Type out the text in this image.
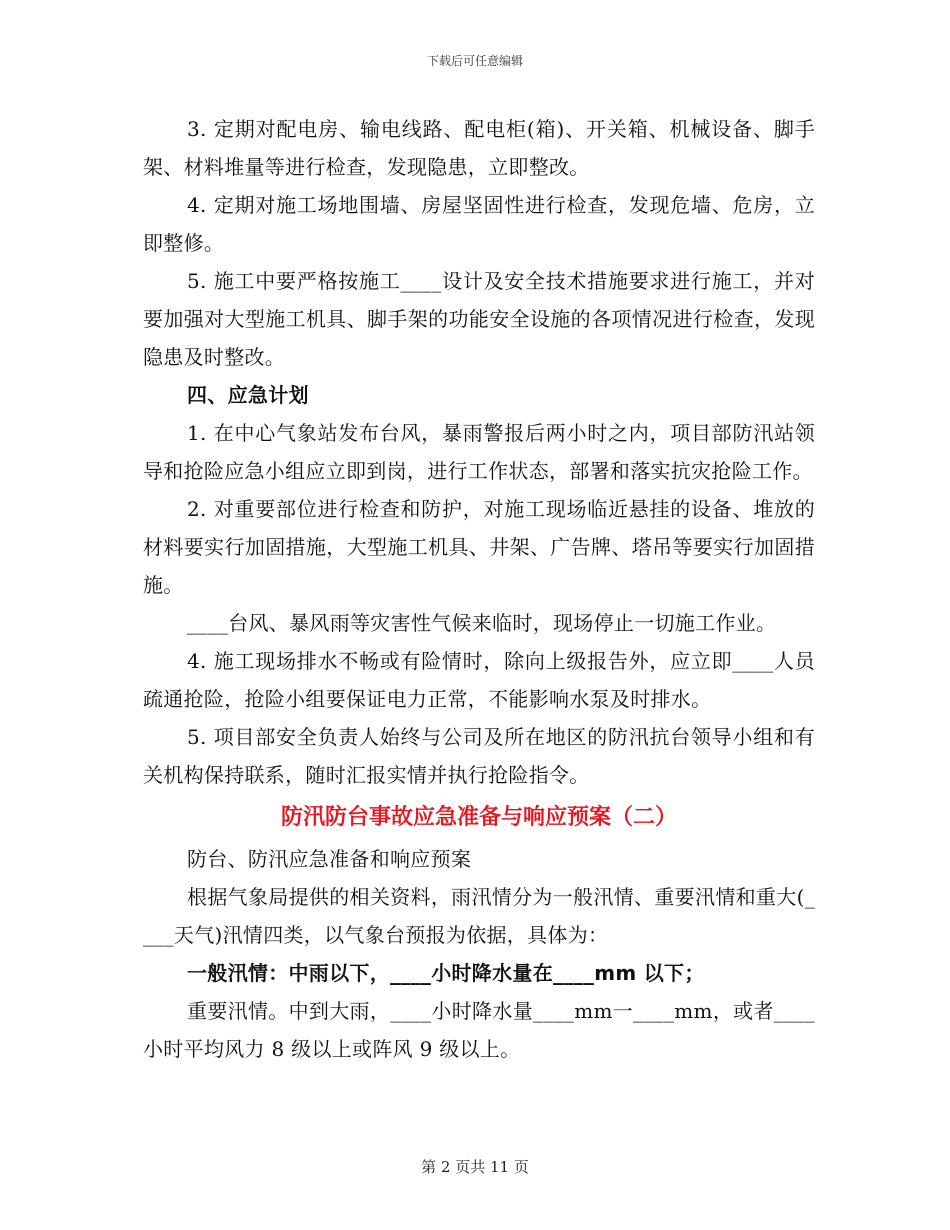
下载后可任意编辑

3. 定期对配电房、输电线路、配电柜(箱)、开关箱、机械设备、脚手架、材料堆量等进行检查，发现隐患，立即整改。

4. 定期对施工场地围墙、房屋坚固性进行检查，发现危墙、危房，立即整修。

5. 施工中要严格按施工____设计及安全技术措施要求进行施工，并对要加强对大型施工机具、脚手架的功能安全设施的各项情况进行检查，发现隐患及时整改。

四、应急计划

1. 在中心气象站发布台风，暴雨警报后两小时之内，项目部防汛站领导和抢险应急小组应立即到岗，进行工作状态，部署和落实抗灾抢险工作。

2. 对重要部位进行检查和防护，对施工现场临近悬挂的设备、堆放的材料要实行加固措施，大型施工机具、井架、广告牌、塔吊等要实行加固措施。

____台风、暴风雨等灾害性气候来临时，现场停止一切施工作业。

4. 施工现场排水不畅或有险情时，除向上级报告外，应立即____人员疏通抢险，抢险小组要保证电力正常，不能影响水泵及时排水。

5. 项目部安全负责人始终与公司及所在地区的防汛抗台领导小组和有关机构保持联系，随时汇报实情并执行抢险指令。

防汛防台事故应急准备与响应预案（二）

防台、防汛应急准备和响应预案

根据气象局提供的相关资料，雨汛情分为一般汛情、重要汛情和重大(____天气)汛情四类，以气象台预报为依据，具体为：

一般汛情：中雨以下，____小时降水量在____mm 以下；

重要汛情。中到大雨，____小时降水量____mm一____mm，或者____小时平均风力 8 级以上或阵风 9 级以上。

第 2 页共 11 页
